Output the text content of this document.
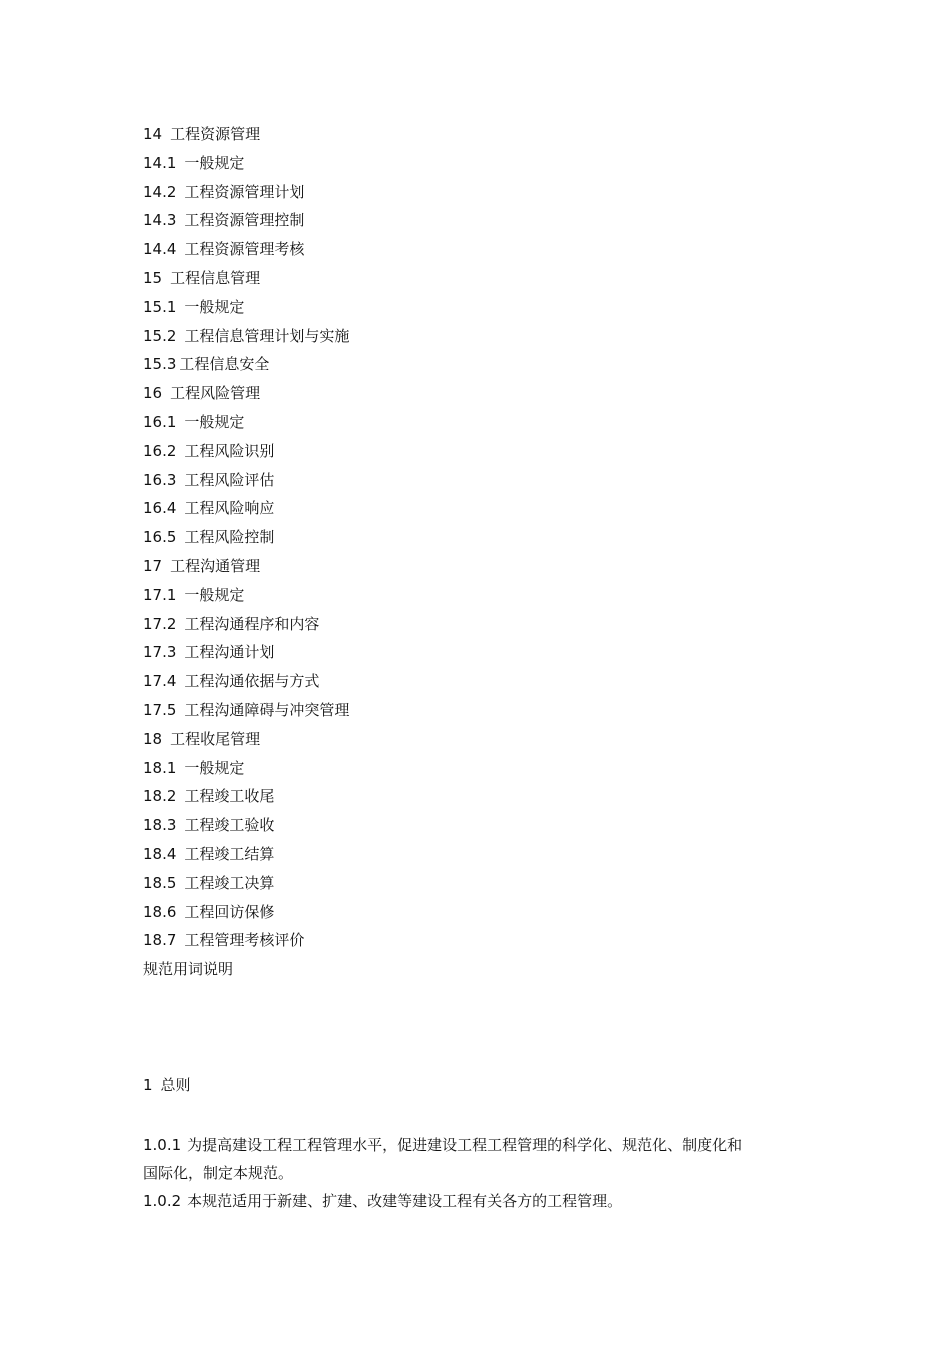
14 工程资源管理
14.1 一般规定
14.2 工程资源管理计划
14.3 工程资源管理控制
14.4 工程资源管理考核
15 工程信息管理
15.1 一般规定
15.2 工程信息管理计划与实施
15.3 工程信息安全
16 工程风险管理
16.1 一般规定
16.2 工程风险识别
16.3 工程风险评估
16.4 工程风险响应
16.5 工程风险控制
17 工程沟通管理
17.1 一般规定
17.2 工程沟通程序和内容
17.3 工程沟通计划
17.4 工程沟通依据与方式
17.5 工程沟通障碍与冲突管理
18 工程收尾管理
18.1 一般规定
18.2 工程竣工收尾
18.3 工程竣工验收
18.4 工程竣工结算
18.5 工程竣工决算
18.6 工程回访保修
18.7 工程管理考核评价
规范用词说明
1 总则

1.0.1 为提高建设工程工程管理水平，促进建设工程工程管理的科学化、规范化、制度化和国际化，制定本规范。

1.0.2 本规范适用于新建、扩建、改建等建设工程有关各方的工程管理。
